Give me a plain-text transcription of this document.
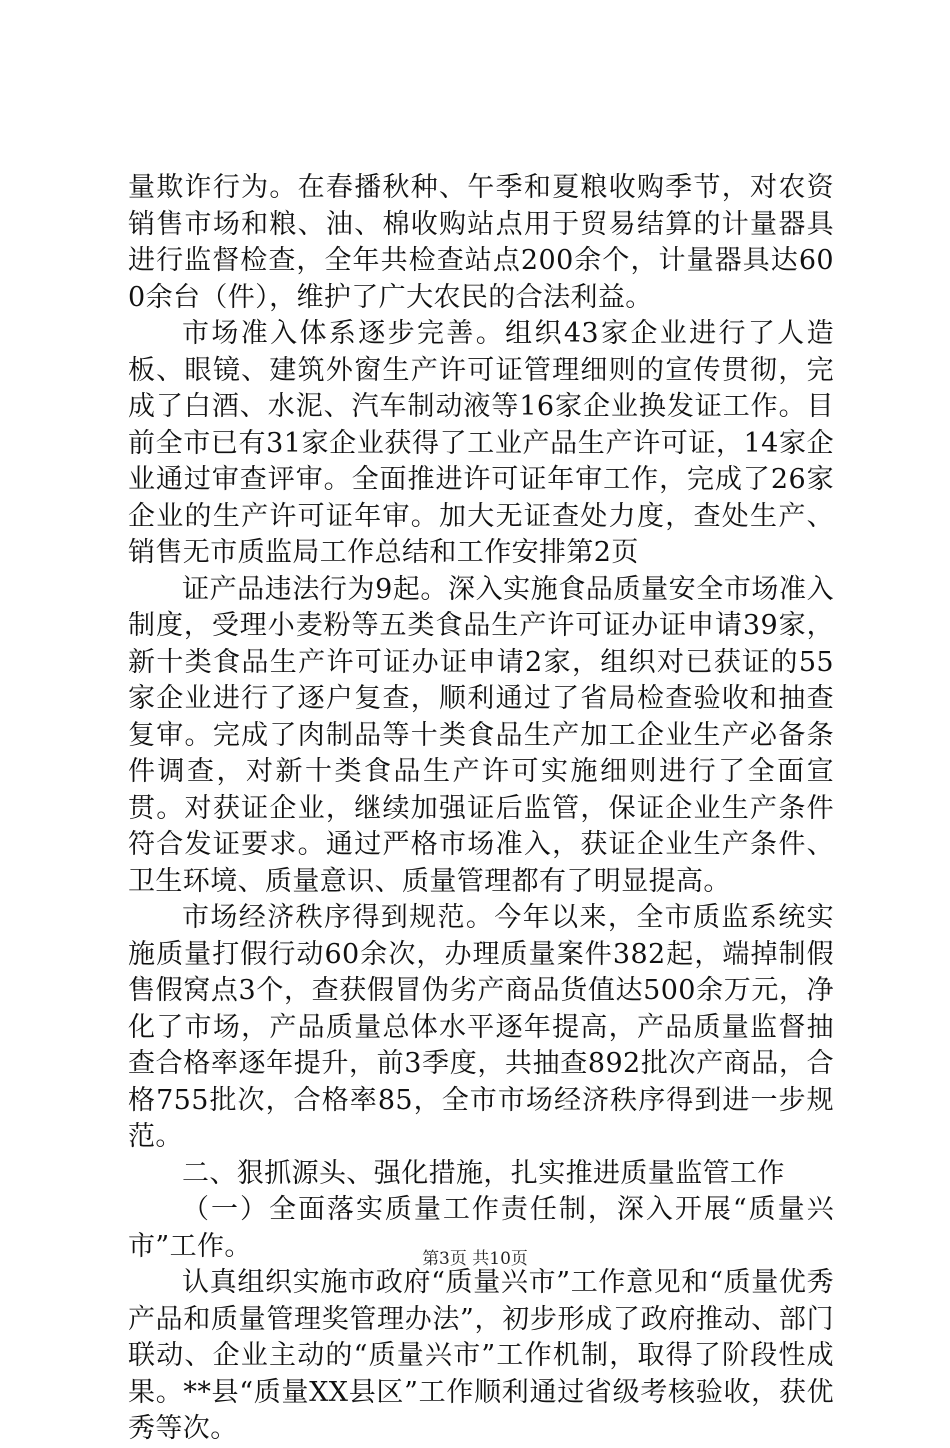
量欺诈行为。在春播秋种、午季和夏粮收购季节，对农资销售市场和粮、油、棉收购站点用于贸易结算的计量器具进行监督检查，全年共检查站点200余个，计量器具达600余台（件），维护了广大农民的合法利益。

市场准入体系逐步完善。组织43家企业进行了人造板、眼镜、建筑外窗生产许可证管理细则的宣传贯彻，完成了白酒、水泥、汽车制动液等16家企业换发证工作。目前全市已有31家企业获得了工业产品生产许可证，14家企业通过审查评审。全面推进许可证年审工作，完成了26家企业的生产许可证年审。加大无证查处力度，查处生产、销售无市质监局工作总结和工作安排第2页

证产品违法行为9起。深入实施食品质量安全市场准入制度，受理小麦粉等五类食品生产许可证办证申请39家，新十类食品生产许可证办证申请2家，组织对已获证的55家企业进行了逐户复查，顺利通过了省局检查验收和抽查复审。完成了肉制品等十类食品生产加工企业生产必备条件调查，对新十类食品生产许可实施细则进行了全面宣贯。对获证企业，继续加强证后监管，保证企业生产条件符合发证要求。通过严格市场准入，获证企业生产条件、卫生环境、质量意识、质量管理都有了明显提高。

市场经济秩序得到规范。今年以来，全市质监系统实施质量打假行动60余次，办理质量案件382起，端掉制假售假窝点3个，查获假冒伪劣产商品货值达500余万元，净化了市场，产品质量总体水平逐年提高，产品质量监督抽查合格率逐年提升，前3季度，共抽查892批次产商品，合格755批次，合格率85，全市市场经济秩序得到进一步规范。

二、狠抓源头、强化措施，扎实推进质量监管工作

（一）全面落实质量工作责任制，深入开展“质量兴市”工作。

认真组织实施市政府“质量兴市”工作意见和“质量优秀产品和质量管理奖管理办法”，初步形成了政府推动、部门联动、企业主动的“质量兴市”工作机制，取得了阶段性成果。**县“质量XX县区”工作顺利通过省级考核验收，获优秀等次。

第3页 共10页
